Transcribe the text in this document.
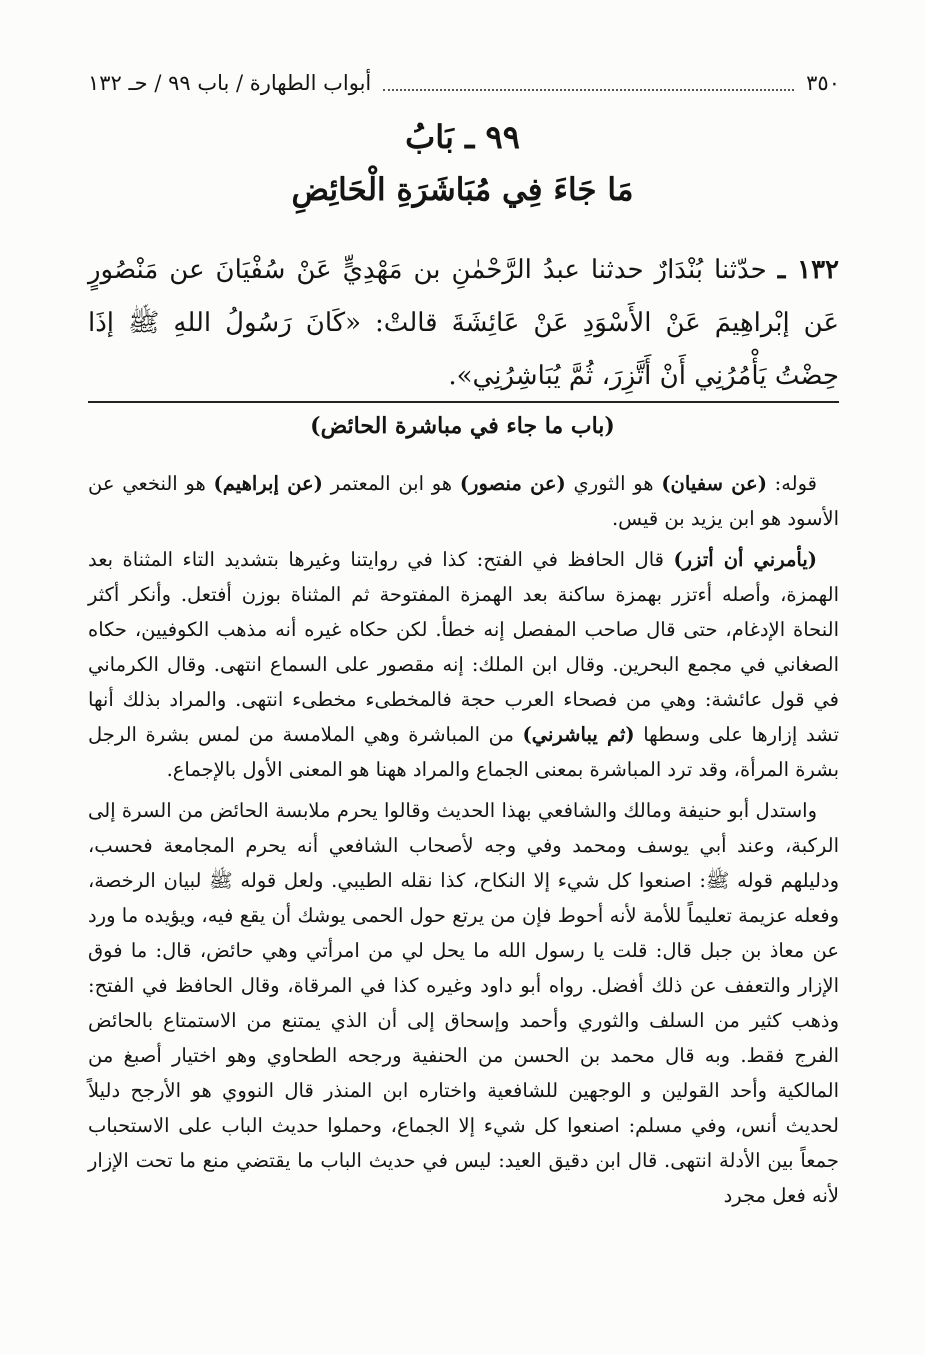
٣٥٠
أبواب الطهارة / باب ٩٩ / حـ ١٣٢
٩٩ ـ بَابُ
مَا جَاءَ فِي مُبَاشَرَةِ الْحَائِضِ
١٣٢ ـ حدّثنا بُنْدَارٌ حدثنا عبدُ الرَّحْمٰنِ بن مَهْدِيٍّ عَنْ سُفْيَانَ عن مَنْصُورٍ عَن إبْراهِيمَ عَنْ الأَسْوَدِ عَنْ عَائِشَةَ قالتْ: «كَانَ رَسُولُ اللهِ ﷺ إذَا حِضْتُ يَأْمُرُنِي أَنْ أَتَّزِرَ، ثُمَّ يُبَاشِرُنِي».
(باب ما جاء في مباشرة الحائض)

قوله: (عن سفيان) هو الثوري (عن منصور) هو ابن المعتمر (عن إبراهيم) هو النخعي عن الأسود هو ابن يزيد بن قيس.

(يأمرني أن أتزر) قال الحافظ في الفتح: كذا في روايتنا وغيرها بتشديد التاء المثناة بعد الهمزة، وأصله أءتزر بهمزة ساكنة بعد الهمزة المفتوحة ثم المثناة بوزن أفتعل. وأنكر أكثر النحاة الإدغام، حتى قال صاحب المفصل إنه خطأ. لكن حكاه غيره أنه مذهب الكوفيين، حكاه الصغاني في مجمع البحرين. وقال ابن الملك: إنه مقصور على السماع انتهى. وقال الكرماني في قول عائشة: وهي من فصحاء العرب حجة فالمخطىء مخطىء انتهى. والمراد بذلك أنها تشد إزارها على وسطها (ثم يباشرني) من المباشرة وهي الملامسة من لمس بشرة الرجل بشرة المرأة، وقد ترد المباشرة بمعنى الجماع والمراد ههنا هو المعنى الأول بالإجماع.

واستدل أبو حنيفة ومالك والشافعي بهذا الحديث وقالوا يحرم ملابسة الحائض من السرة إلى الركبة، وعند أبي يوسف ومحمد وفي وجه لأصحاب الشافعي أنه يحرم المجامعة فحسب، ودليلهم قوله ﷺ: اصنعوا كل شيء إلا النكاح، كذا نقله الطيبي. ولعل قوله ﷺ لبيان الرخصة، وفعله عزيمة تعليماً للأمة لأنه أحوط فإن من يرتع حول الحمى يوشك أن يقع فيه، ويؤيده ما ورد عن معاذ بن جبل قال: قلت يا رسول الله ما يحل لي من امرأتي وهي حائض، قال: ما فوق الإزار والتعفف عن ذلك أفضل. رواه أبو داود وغيره كذا في المرقاة، وقال الحافظ في الفتح: وذهب كثير من السلف والثوري وأحمد وإسحاق إلى أن الذي يمتنع من الاستمتاع بالحائض الفرج فقط. وبه قال محمد بن الحسن من الحنفية ورجحه الطحاوي وهو اختيار أصبغ من المالكية وأحد القولين و الوجهين للشافعية واختاره ابن المنذر قال النووي هو الأرجح دليلاً لحديث أنس، وفي مسلم: اصنعوا كل شيء إلا الجماع، وحملوا حديث الباب على الاستحباب جمعاً بين الأدلة انتهى. قال ابن دقيق العيد: ليس في حديث الباب ما يقتضي منع ما تحت الإزار لأنه فعل مجرد
